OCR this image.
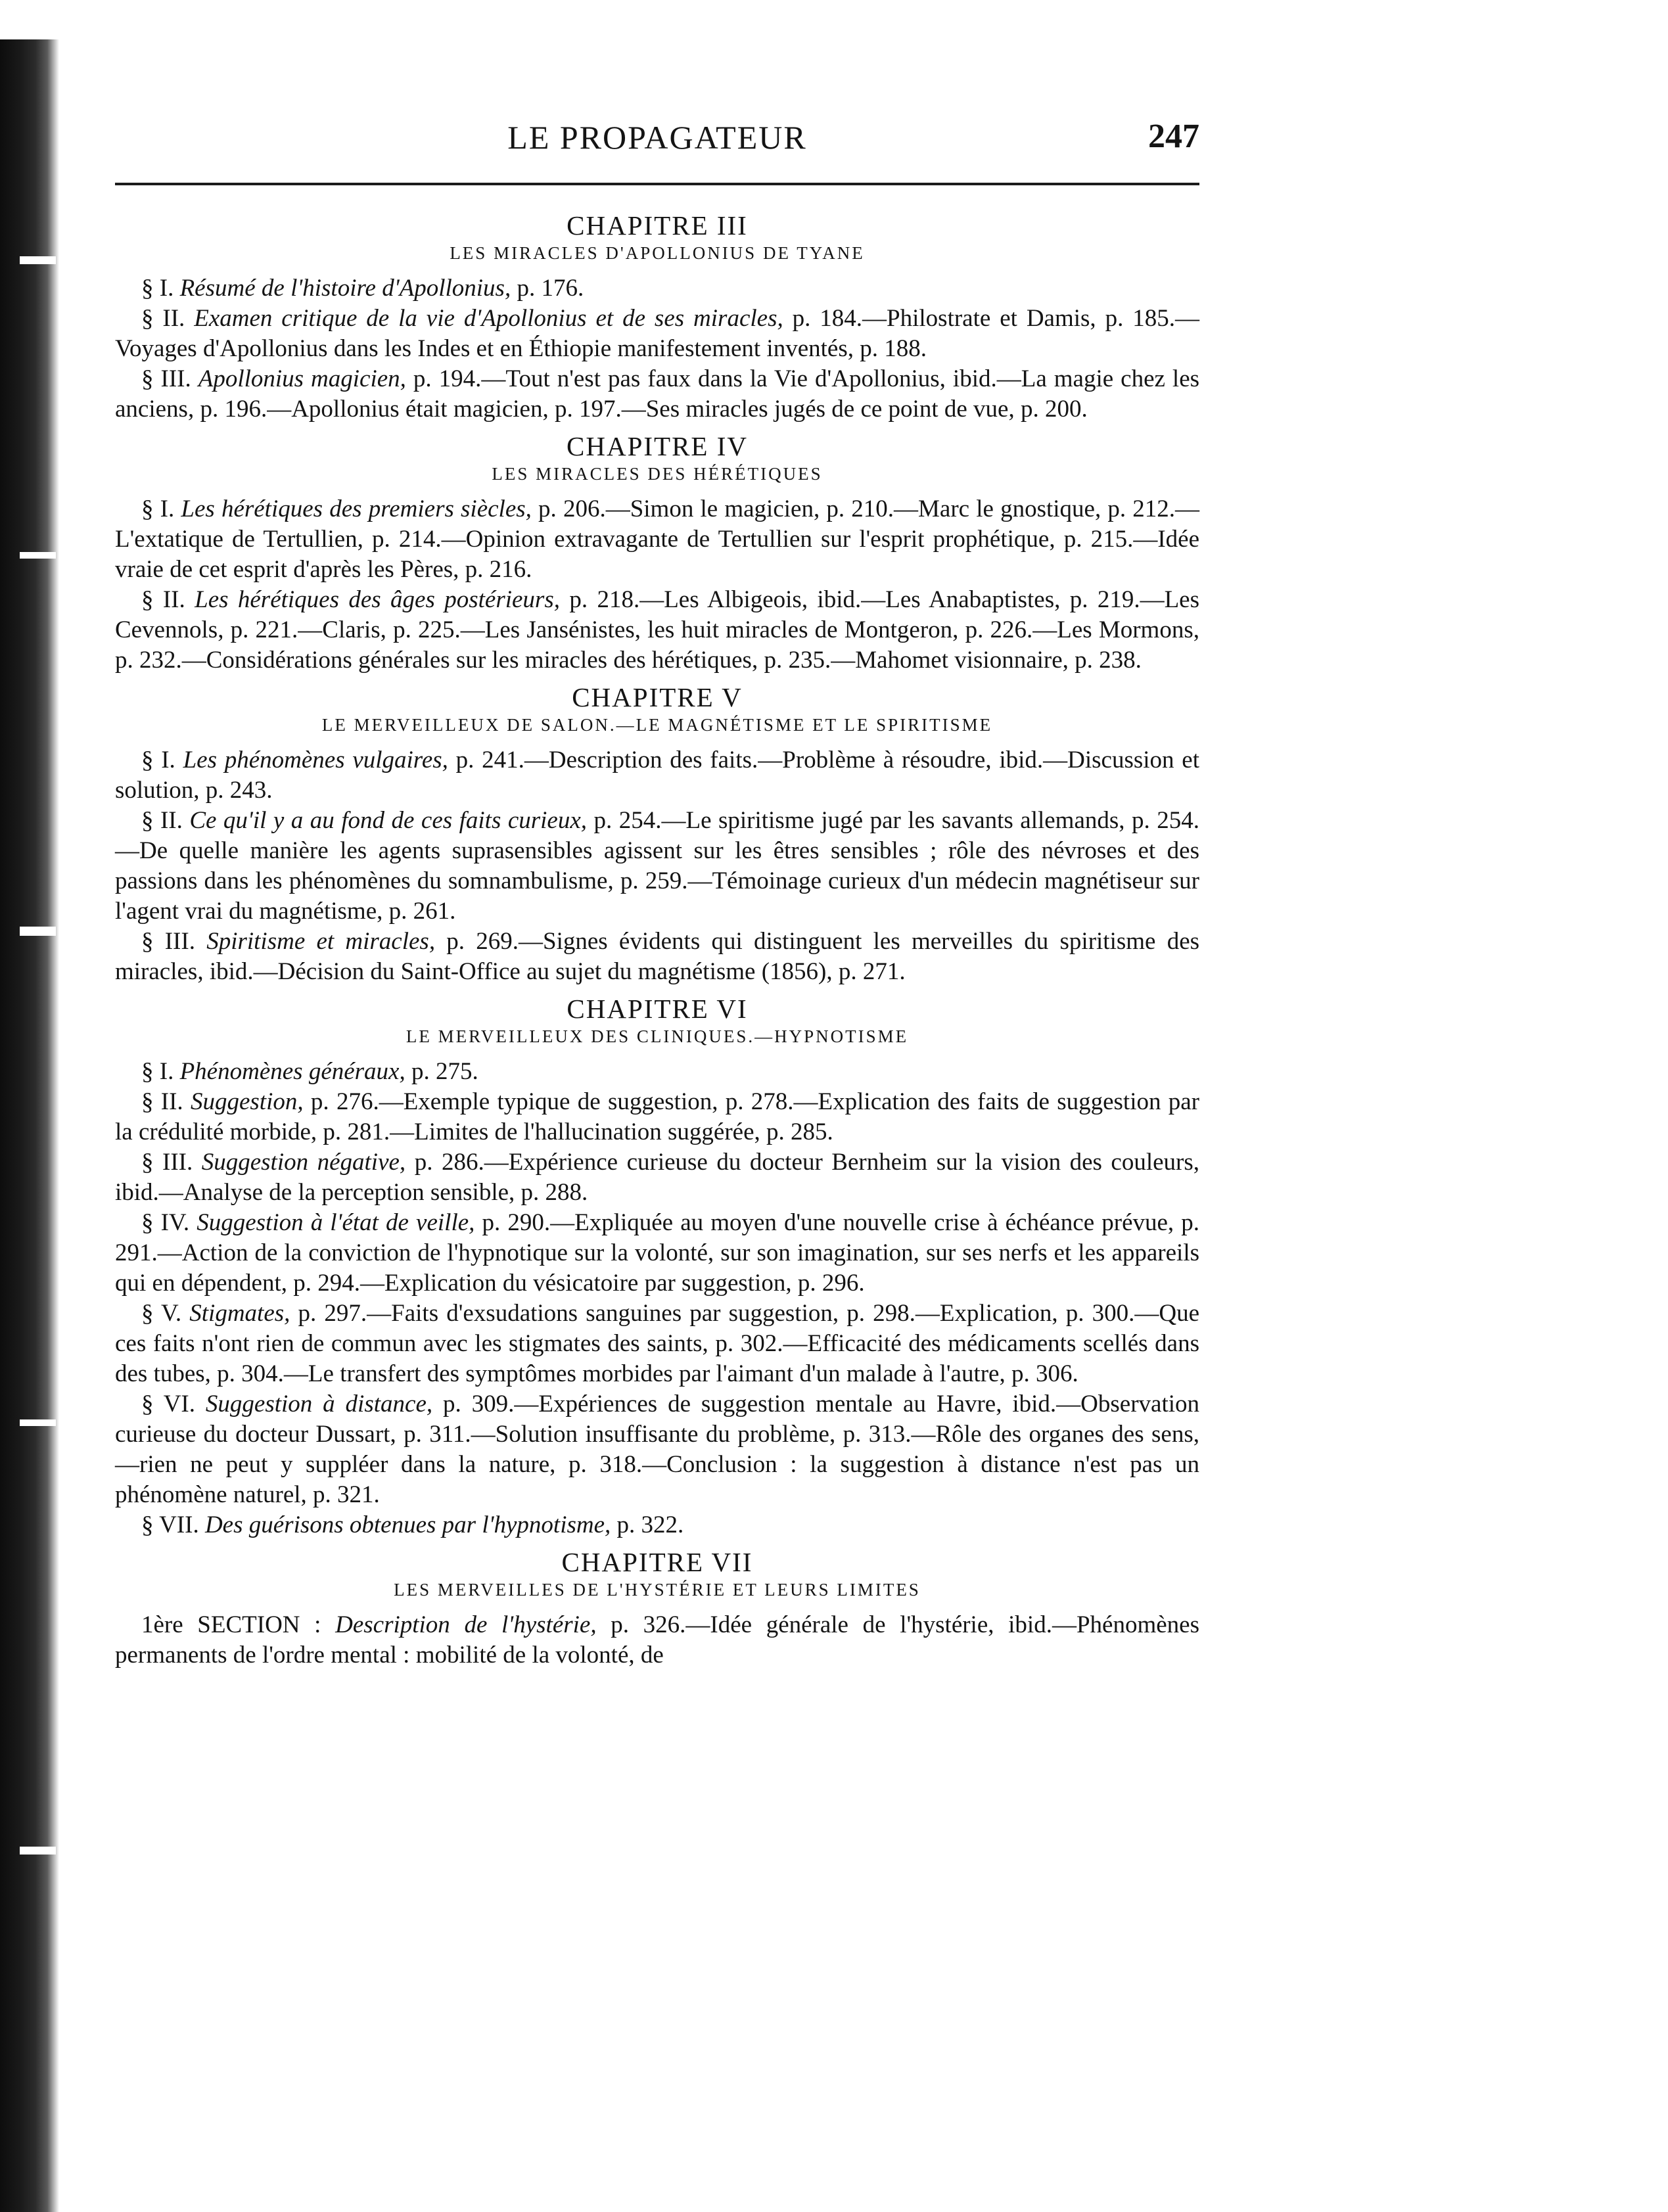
LE PROPAGATEUR	247
CHAPITRE III
LES MIRACLES D'APOLLONIUS DE TYANE

§ I. Résumé de l'histoire d'Apollonius, p. 176.

§ II. Examen critique de la vie d'Apollonius et de ses miracles, p. 184.—Philostrate et Damis, p. 185.—Voyages d'Apollonius dans les Indes et en Éthiopie manifestement inventés, p. 188.

§ III. Apollonius magicien, p. 194.—Tout n'est pas faux dans la Vie d'Apollonius, ibid.—La magie chez les anciens, p. 196.—Apollonius était magicien, p. 197.—Ses miracles jugés de ce point de vue, p. 200.

CHAPITRE IV
LES MIRACLES DES HÉRÉTIQUES

§ I. Les hérétiques des premiers siècles, p. 206.—Simon le magicien, p. 210.—Marc le gnostique, p. 212.—L'extatique de Tertullien, p. 214.—Opinion extravagante de Tertullien sur l'esprit prophétique, p. 215.—Idée vraie de cet esprit d'après les Pères, p. 216.

§ II. Les hérétiques des âges postérieurs, p. 218.—Les Albigeois, ibid.—Les Anabaptistes, p. 219.—Les Cevennols, p. 221.—Claris, p. 225.—Les Jansénistes, les huit miracles de Montgeron, p. 226.—Les Mormons, p. 232.—Considérations générales sur les miracles des hérétiques, p. 235.—Mahomet visionnaire, p. 238.

CHAPITRE V
LE MERVEILLEUX DE SALON.—LE MAGNÉTISME ET LE SPIRITISME

§ I. Les phénomènes vulgaires, p. 241.—Description des faits.—Problème à résoudre, ibid.—Discussion et solution, p. 243.

§ II. Ce qu'il y a au fond de ces faits curieux, p. 254.—Le spiritisme jugé par les savants allemands, p. 254.—De quelle manière les agents suprasensibles agissent sur les êtres sensibles ; rôle des névroses et des passions dans les phénomènes du somnambulisme, p. 259.—Témoinage curieux d'un médecin magnétiseur sur l'agent vrai du magnétisme, p. 261.

§ III. Spiritisme et miracles, p. 269.—Signes évidents qui distinguent les merveilles du spiritisme des miracles, ibid.—Décision du Saint-Office au sujet du magnétisme (1856), p. 271.

CHAPITRE VI
LE MERVEILLEUX DES CLINIQUES.—HYPNOTISME

§ I. Phénomènes généraux, p. 275.

§ II. Suggestion, p. 276.—Exemple typique de suggestion, p. 278.—Explication des faits de suggestion par la crédulité morbide, p. 281.—Limites de l'hallucination suggérée, p. 285.

§ III. Suggestion négative, p. 286.—Expérience curieuse du docteur Bernheim sur la vision des couleurs, ibid.—Analyse de la perception sensible, p. 288.

§ IV. Suggestion à l'état de veille, p. 290.—Expliquée au moyen d'une nouvelle crise à échéance prévue, p. 291.—Action de la conviction de l'hypnotique sur la volonté, sur son imagination, sur ses nerfs et les appareils qui en dépendent, p. 294.—Explication du vésicatoire par suggestion, p. 296.

§ V. Stigmates, p. 297.—Faits d'exsudations sanguines par suggestion, p. 298.—Explication, p. 300.—Que ces faits n'ont rien de commun avec les stigmates des saints, p. 302.—Efficacité des médicaments scellés dans des tubes, p. 304.—Le transfert des symptômes morbides par l'aimant d'un malade à l'autre, p. 306.

§ VI. Suggestion à distance, p. 309.—Expériences de suggestion mentale au Havre, ibid.—Observation curieuse du docteur Dussart, p. 311.—Solution insuffisante du problème, p. 313.—Rôle des organes des sens,—rien ne peut y suppléer dans la nature, p. 318.—Conclusion : la suggestion à distance n'est pas un phénomène naturel, p. 321.

§ VII. Des guérisons obtenues par l'hypnotisme, p. 322.

CHAPITRE VII
LES MERVEILLES DE L'HYSTÉRIE ET LEURS LIMITES

1ère SECTION : Description de l'hystérie, p. 326.—Idée générale de l'hystérie, ibid.—Phénomènes permanents de l'ordre mental : mobilité de la volonté, de
